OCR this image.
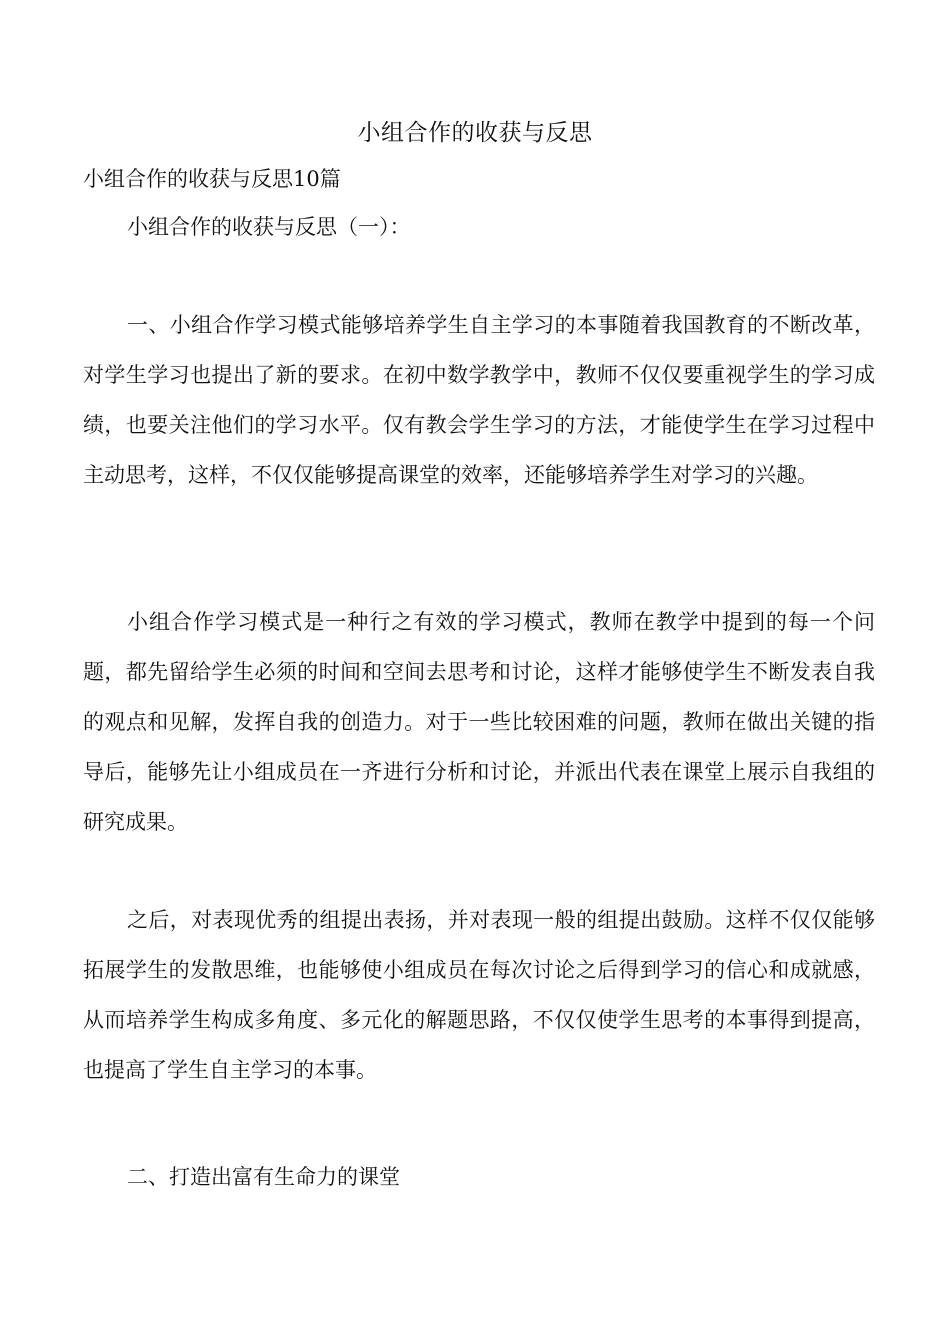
小组合作的收获与反思
小组合作的收获与反思10篇
小组合作的收获与反思（一）：

一、小组合作学习模式能够培养学生自主学习的本事随着我国教育的不断改革，对学生学习也提出了新的要求。在初中数学教学中，教师不仅仅要重视学生的学习成绩，也要关注他们的学习水平。仅有教会学生学习的方法，才能使学生在学习过程中主动思考，这样，不仅仅能够提高课堂的效率，还能够培养学生对学习的兴趣。

小组合作学习模式是一种行之有效的学习模式，教师在教学中提到的每一个问题，都先留给学生必须的时间和空间去思考和讨论，这样才能够使学生不断发表自我的观点和见解，发挥自我的创造力。对于一些比较困难的问题，教师在做出关键的指导后，能够先让小组成员在一齐进行分析和讨论，并派出代表在课堂上展示自我组的研究成果。

之后，对表现优秀的组提出表扬，并对表现一般的组提出鼓励。这样不仅仅能够拓展学生的发散思维，也能够使小组成员在每次讨论之后得到学习的信心和成就感，从而培养学生构成多角度、多元化的解题思路，不仅仅使学生思考的本事得到提高，也提高了学生自主学习的本事。

二、打造出富有生命力的课堂
